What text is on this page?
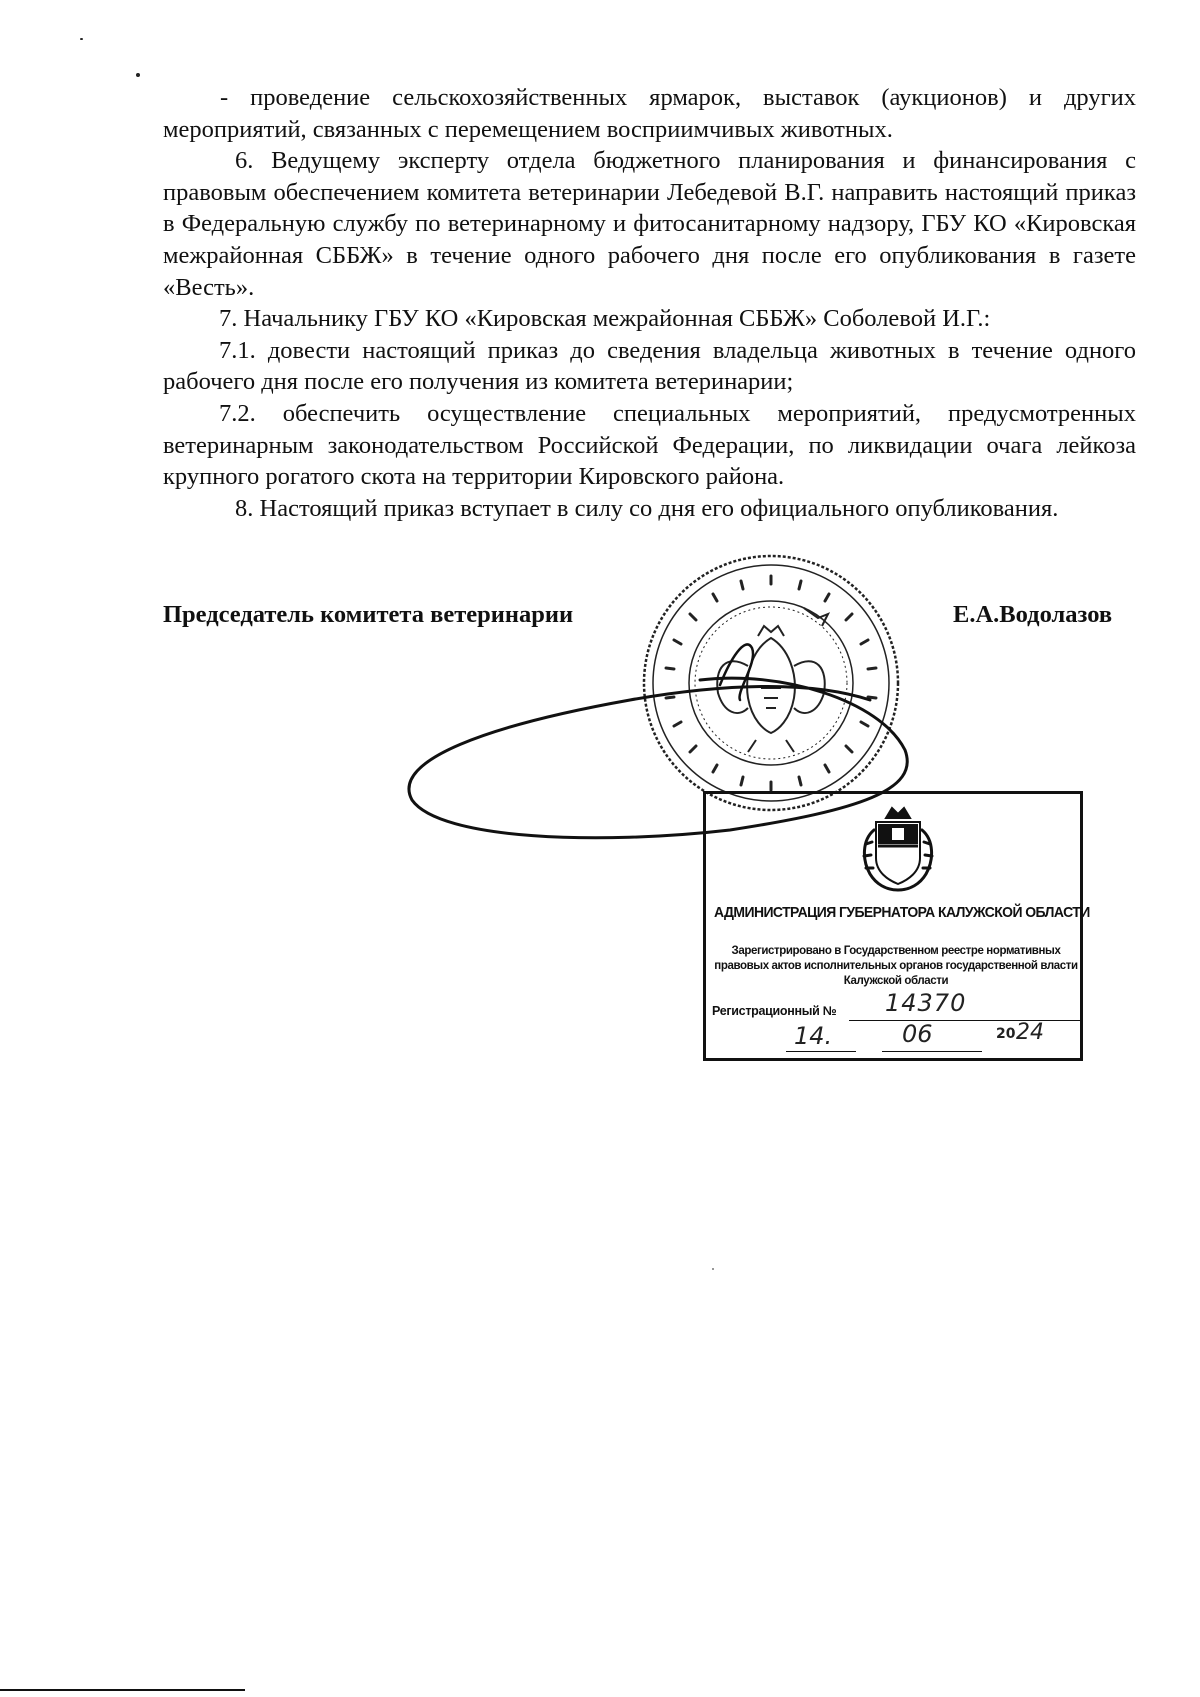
- проведение сельскохозяйственных ярмарок, выставок (аукционов) и других мероприятий, связанных с перемещением восприимчивых животных.

6. Ведущему эксперту отдела бюджетного планирования и финансирования с правовым обеспечением комитета ветеринарии Лебедевой В.Г. направить настоящий приказ в Федеральную службу по ветеринарному и фитосанитарному надзору, ГБУ КО «Кировская межрайонная СББЖ» в течение одного рабочего дня после его опубликования в газете «Весть».

7. Начальнику ГБУ КО «Кировская межрайонная СББЖ» Соболевой И.Г.:

7.1. довести настоящий приказ до сведения владельца животных в течение одного рабочего дня после его получения из комитета ветеринарии;

7.2. обеспечить осуществление специальных мероприятий, предусмотренных ветеринарным законодательством Российской Федерации, по ликвидации очага лейкоза крупного рогатого скота на территории Кировского района.

8. Настоящий приказ вступает в силу со дня его официального опубликования.

Председатель комитета ветеринарии	Е.А.Водолазов
АДМИНИСТРАЦИЯ ГУБЕРНАТОРА КАЛУЖСКОЙ ОБЛАСТИ
Зарегистрировано в Государственном реестре нормативных правовых актов исполнительных органов государственной власти Калужской области
Регистрационный № 14370
14.	06	20 24
